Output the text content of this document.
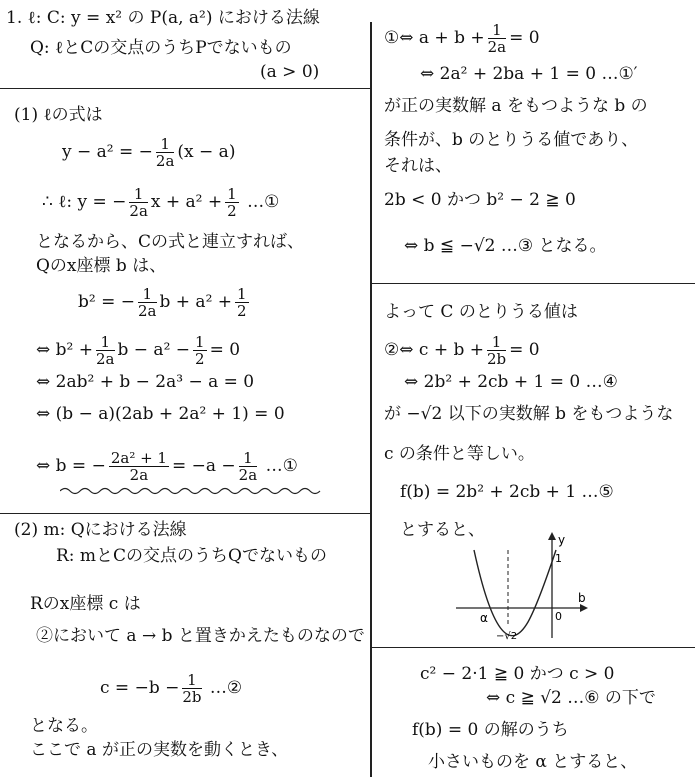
1. ℓ: C: y = x² の P(a, a²) における法線
Q: ℓとCの交点のうちPでないもの
(a > 0)
(1) ℓの式は
y − a² = − $\frac{1}{2a} (x - a)$
∴ ℓ: y = − $\frac{1}{2a}$ $x + a^2 + \frac{1}{2}$ …①
となるから、Cの式と連立すれば、
Qのx座標 b は、
b² = − $\frac{1}{2a}$ $b + a^2 + \frac{1}{2}$
⇔ $b^2 + \frac{1}{2a}$ $b - a^2 - \frac{1}{2} = 0$
⇔ 2ab² + b − 2a³ − a = 0
⇔ (b − a)(2ab + 2a² + 1) = 0
⇔ b = − $\frac{\text{2a² + 1}}{2a} = -a - \frac{1}{2a}$ …①
(2) m: Qにおける法線
R: mとCの交点のうちQでないもの
Rのx座標 c は
②において a → b と置きかえたものなので
$c = -b - \frac{1}{2b}$ …②
となる。
ここで a が正の実数を動くとき、
①⇔ $a + b + \frac{1}{2a} = 0$
⇔ 2a² + 2ba + 1 = 0 …①′
が正の実数解 a をもつような b の
条件が、b のとりうる値であり、
それは、
2b < 0 かつ b² − 2 ≧ 0
⇔ b ≦ −√2 …③ となる。
よって C のとりうる値は
②⇔ $c + b + \frac{1}{2b} = 0$
⇔ 2b² + 2cb + 1 = 0 …④
が −√2 以下の実数解 b をもつような
c の条件と等しい。
f(b) = 2b² + 2cb + 1 …⑤
とすると、	y
b
0
1
α
−√2
c² − 2·1 ≧ 0 かつ c > 0
⇔ c ≧ √2 …⑥ の下で
f(b) = 0 の解のうち
小さいものを α とすると、
